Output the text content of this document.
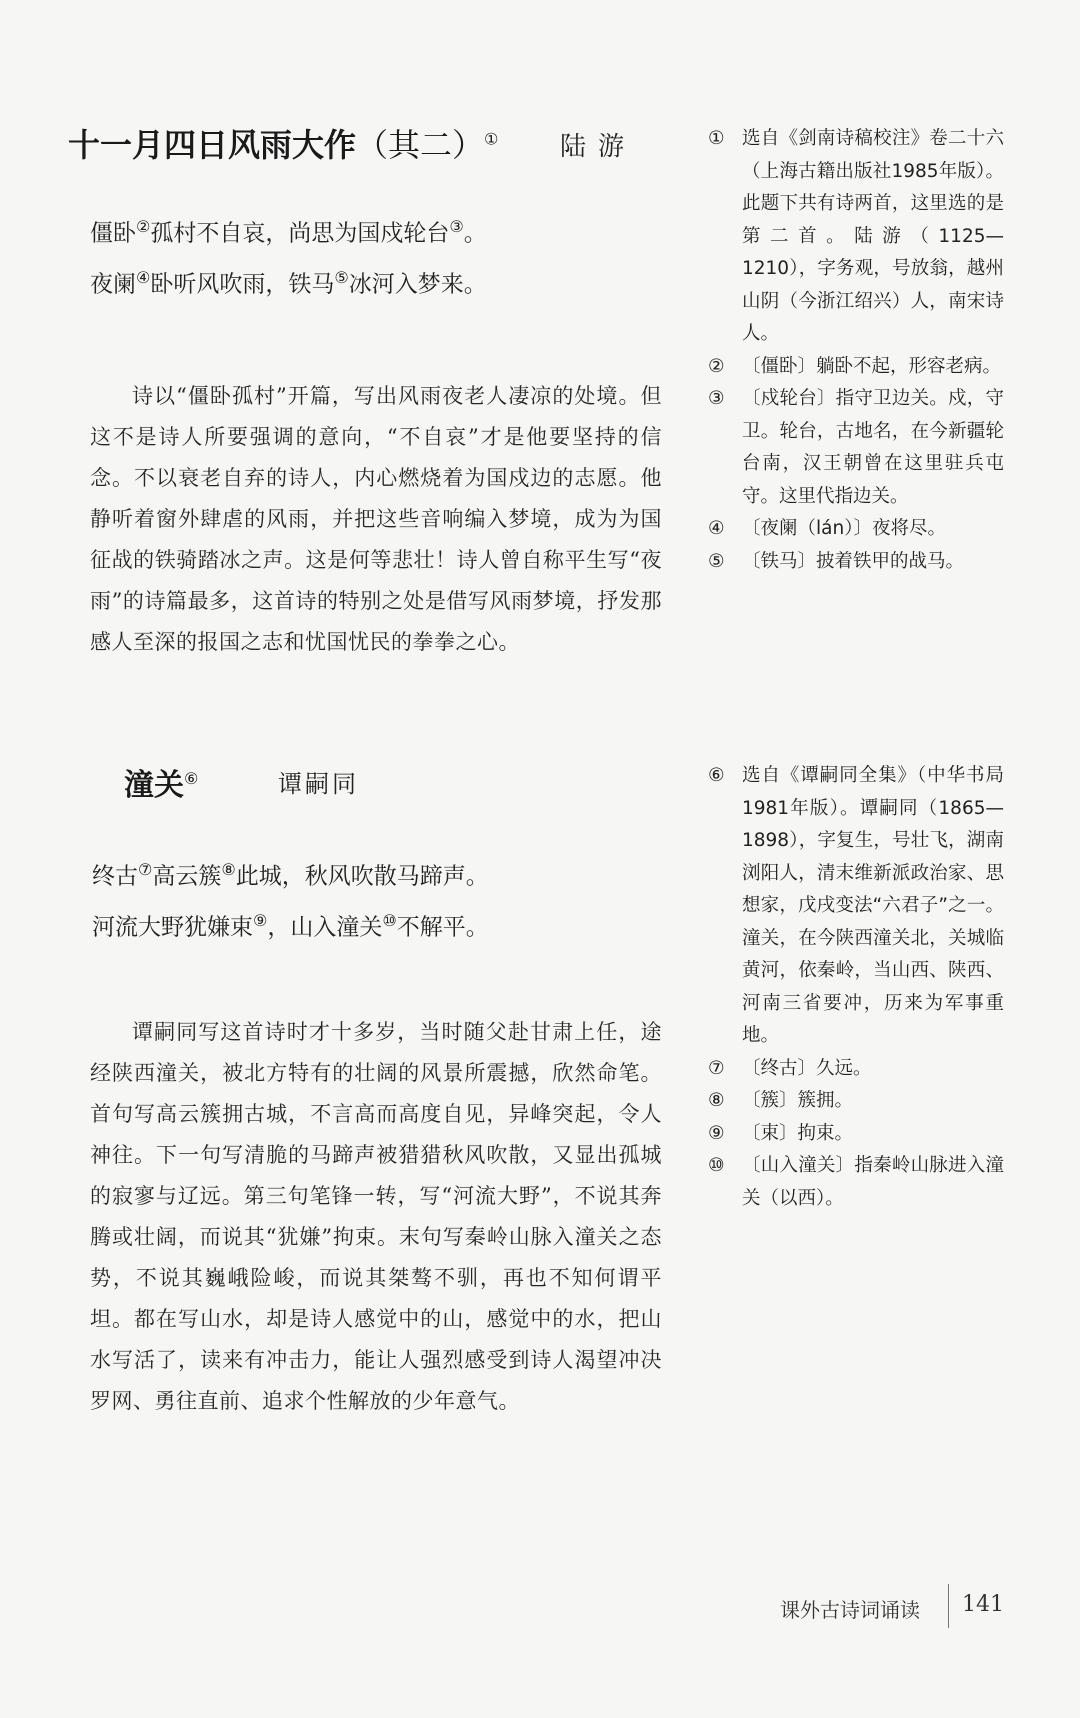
十一月四日风雨大作（其二）① 陆游
僵卧②孤村不自哀，尚思为国戍轮台③。
夜阑④卧听风吹雨，铁马⑤冰河入梦来。
诗以“僵卧孤村”开篇，写出风雨夜老人凄凉的处境。但这不是诗人所要强调的意向，“不自哀”才是他要坚持的信念。不以衰老自弃的诗人，内心燃烧着为国戍边的志愿。他静听着窗外肆虐的风雨，并把这些音响编入梦境，成为为国征战的铁骑踏冰之声。这是何等悲壮！诗人曾自称平生写“夜雨”的诗篇最多，这首诗的特别之处是借写风雨梦境，抒发那感人至深的报国之志和忧国忧民的拳拳之心。
① 选自《剑南诗稿校注》卷二十六（上海古籍出版社1985年版）。此题下共有诗两首，这里选的是第二首。陆游（1125—1210），字务观，号放翁，越州山阴（今浙江绍兴）人，南宋诗人。
② 〔僵卧〕躺卧不起，形容老病。
③ 〔戍轮台〕指守卫边关。戍，守卫。轮台，古地名，在今新疆轮台南，汉王朝曾在这里驻兵屯守。这里代指边关。
④ 〔夜阑（lán）〕夜将尽。
⑤ 〔铁马〕披着铁甲的战马。
潼关⑥	谭嗣同
终古⑦高云簇⑧此城，秋风吹散马蹄声。
河流大野犹嫌束⑨，山入潼关⑩不解平。
谭嗣同写这首诗时才十多岁，当时随父赴甘肃上任，途经陕西潼关，被北方特有的壮阔的风景所震撼，欣然命笔。首句写高云簇拥古城，不言高而高度自见，异峰突起，令人神往。下一句写清脆的马蹄声被猎猎秋风吹散，又显出孤城的寂寥与辽远。第三句笔锋一转，写“河流大野”，不说其奔腾或壮阔，而说其“犹嫌”拘束。末句写秦岭山脉入潼关之态势，不说其巍峨险峻，而说其桀骜不驯，再也不知何谓平坦。都在写山水，却是诗人感觉中的山，感觉中的水，把山水写活了，读来有冲击力，能让人强烈感受到诗人渴望冲决罗网、勇往直前、追求个性解放的少年意气。
⑥ 选自《谭嗣同全集》（中华书局1981年版）。谭嗣同（1865—1898），字复生，号壮飞，湖南浏阳人，清末维新派政治家、思想家，戊戌变法“六君子”之一。潼关，在今陕西潼关北，关城临黄河，依秦岭，当山西、陕西、河南三省要冲，历来为军事重地。
⑦ 〔终古〕久远。
⑧ 〔簇〕簇拥。
⑨ 〔束〕拘束。
⑩ 〔山入潼关〕指秦岭山脉进入潼关（以西）。
课外古诗词诵读 141
